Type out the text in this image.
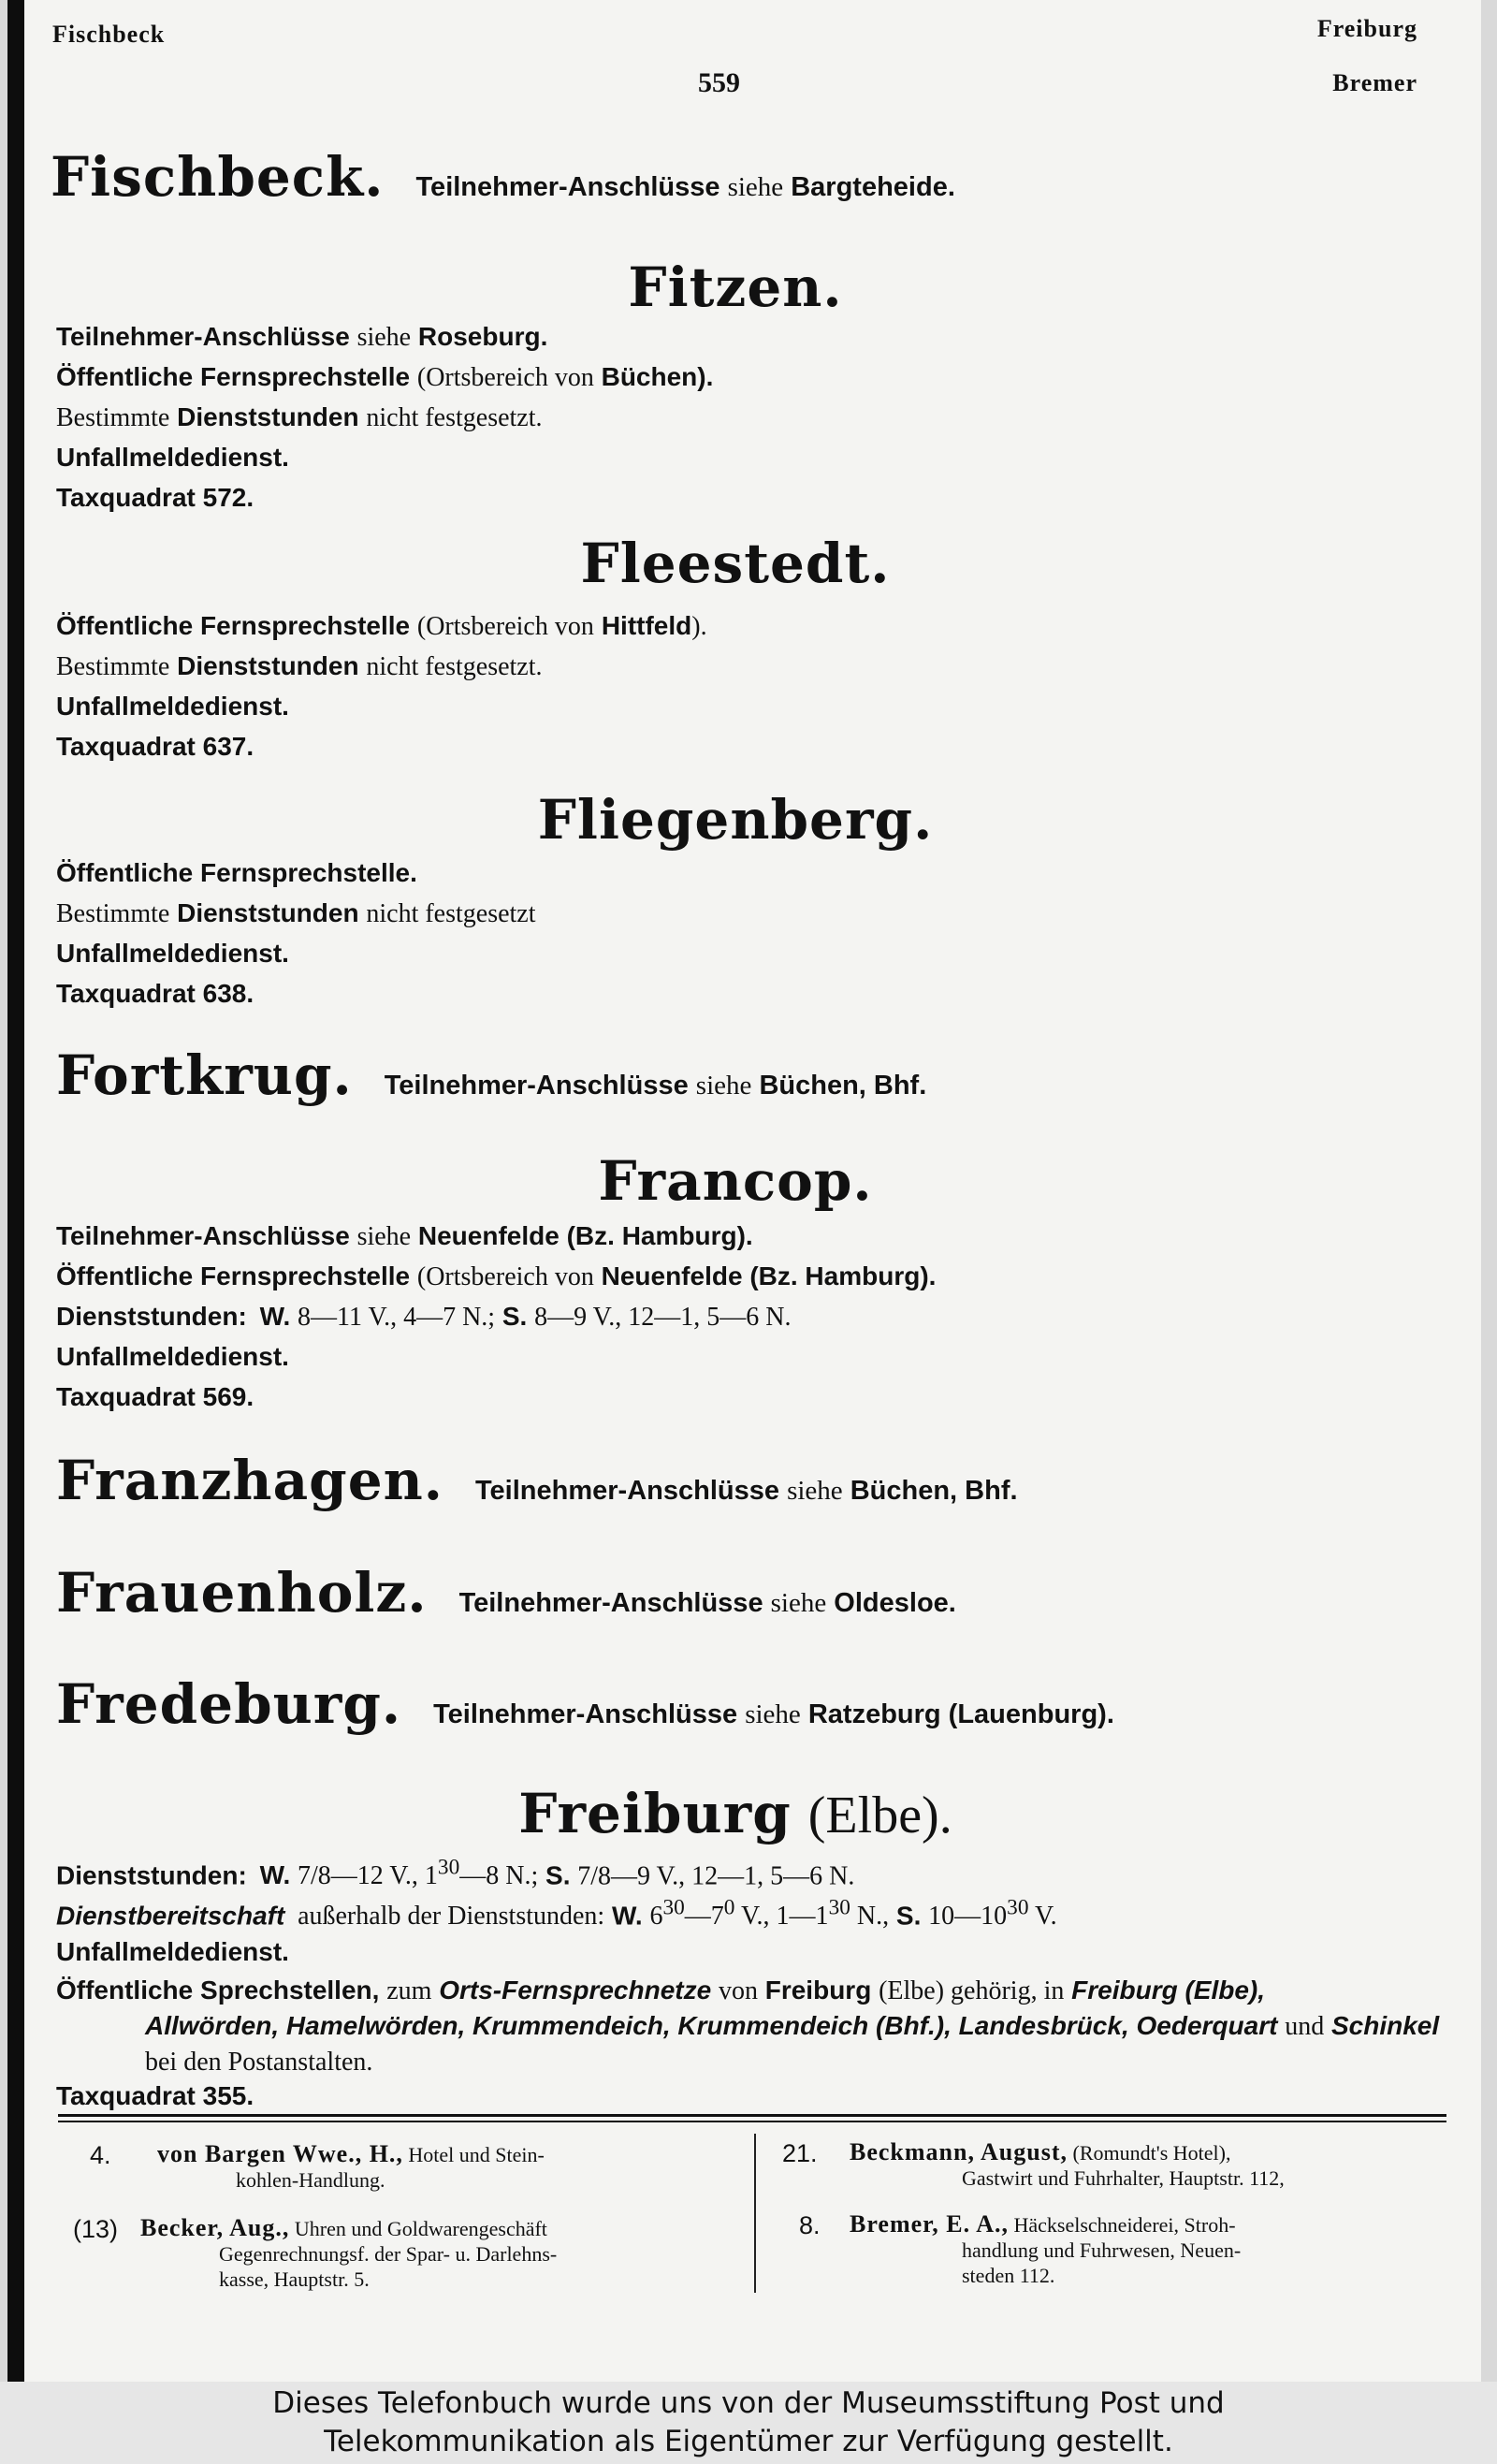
Fischbeck
559
Freiburg
Bremer
Fischbeck. Teilnehmer-Anschlüsse siehe Bargteheide.
Fitzen.
Teilnehmer-Anschlüsse siehe Roseburg.
Öffentliche Fernsprechstelle (Ortsbereich von Büchen).
Bestimmte Dienststunden nicht festgesetzt.
Unfallmeldedienst.
Taxquadrat 572.
Fleestedt.
Öffentliche Fernsprechstelle (Ortsbereich von Hittfeld).
Bestimmte Dienststunden nicht festgesetzt.
Unfallmeldedienst.
Taxquadrat 637.
Fliegenberg.
Öffentliche Fernsprechstelle.
Bestimmte Dienststunden nicht festgesetzt
Unfallmeldedienst.
Taxquadrat 638.
Fortkrug. Teilnehmer-Anschlüsse siehe Büchen, Bhf.
Francop.
Teilnehmer-Anschlüsse siehe Neuenfelde (Bz. Hamburg).
Öffentliche Fernsprechstelle (Ortsbereich von Neuenfelde (Bz. Hamburg).
Dienststunden: W. 8—11 V., 4—7 N.; S. 8—9 V., 12—1, 5—6 N.
Unfallmeldedienst.
Taxquadrat 569.
Franzhagen. Teilnehmer-Anschlüsse siehe Büchen, Bhf.
Frauenholz. Teilnehmer-Anschlüsse siehe Oldesloe.
Fredeburg. Teilnehmer-Anschlüsse siehe Ratzeburg (Lauenburg).
Freiburg (Elbe).
Dienststunden: W. 7/8—12 V., $1^{30}—8$ N.; S. 7/8—9 V., 12—1, 5—6 N.
Dienstbereitschaft außerhalb der Dienststunden: W. $6^{30}—7^0$ V., $1—1^{30}$ N., S. $10—10^{30}$ V.
Unfallmeldedienst.
Öffentliche Sprechstellen, zum Orts-Fernsprechnetze von Freiburg (Elbe) gehörig, in Freiburg (Elbe),
Allwörden, Hamelwörden, Krummendeich, Krummendeich (Bhf.), Landesbrück, Oederquart und Schinkel bei den Postanstalten.
Taxquadrat 355.
4. von Bargen Wwe., H., Hotel und Stein-
kohlen-Handlung.
(13) Becker, Aug., Uhren und Goldwarengeschäft
Gegenrechnungsf. der Spar- u. Darlehns-
kasse, Hauptstr. 5.
21. Beckmann, August, (Romundt's Hotel),
Gastwirt und Fuhrhalter, Hauptstr. 112,
8. Bremer, E. A., Häckselschneiderei, Stroh-
handlung und Fuhrwesen, Neuen-
steden 112.
Dieses Telefonbuch wurde uns von der Museumsstiftung Post und
Telekommunikation als Eigentümer zur Verfügung gestellt.
